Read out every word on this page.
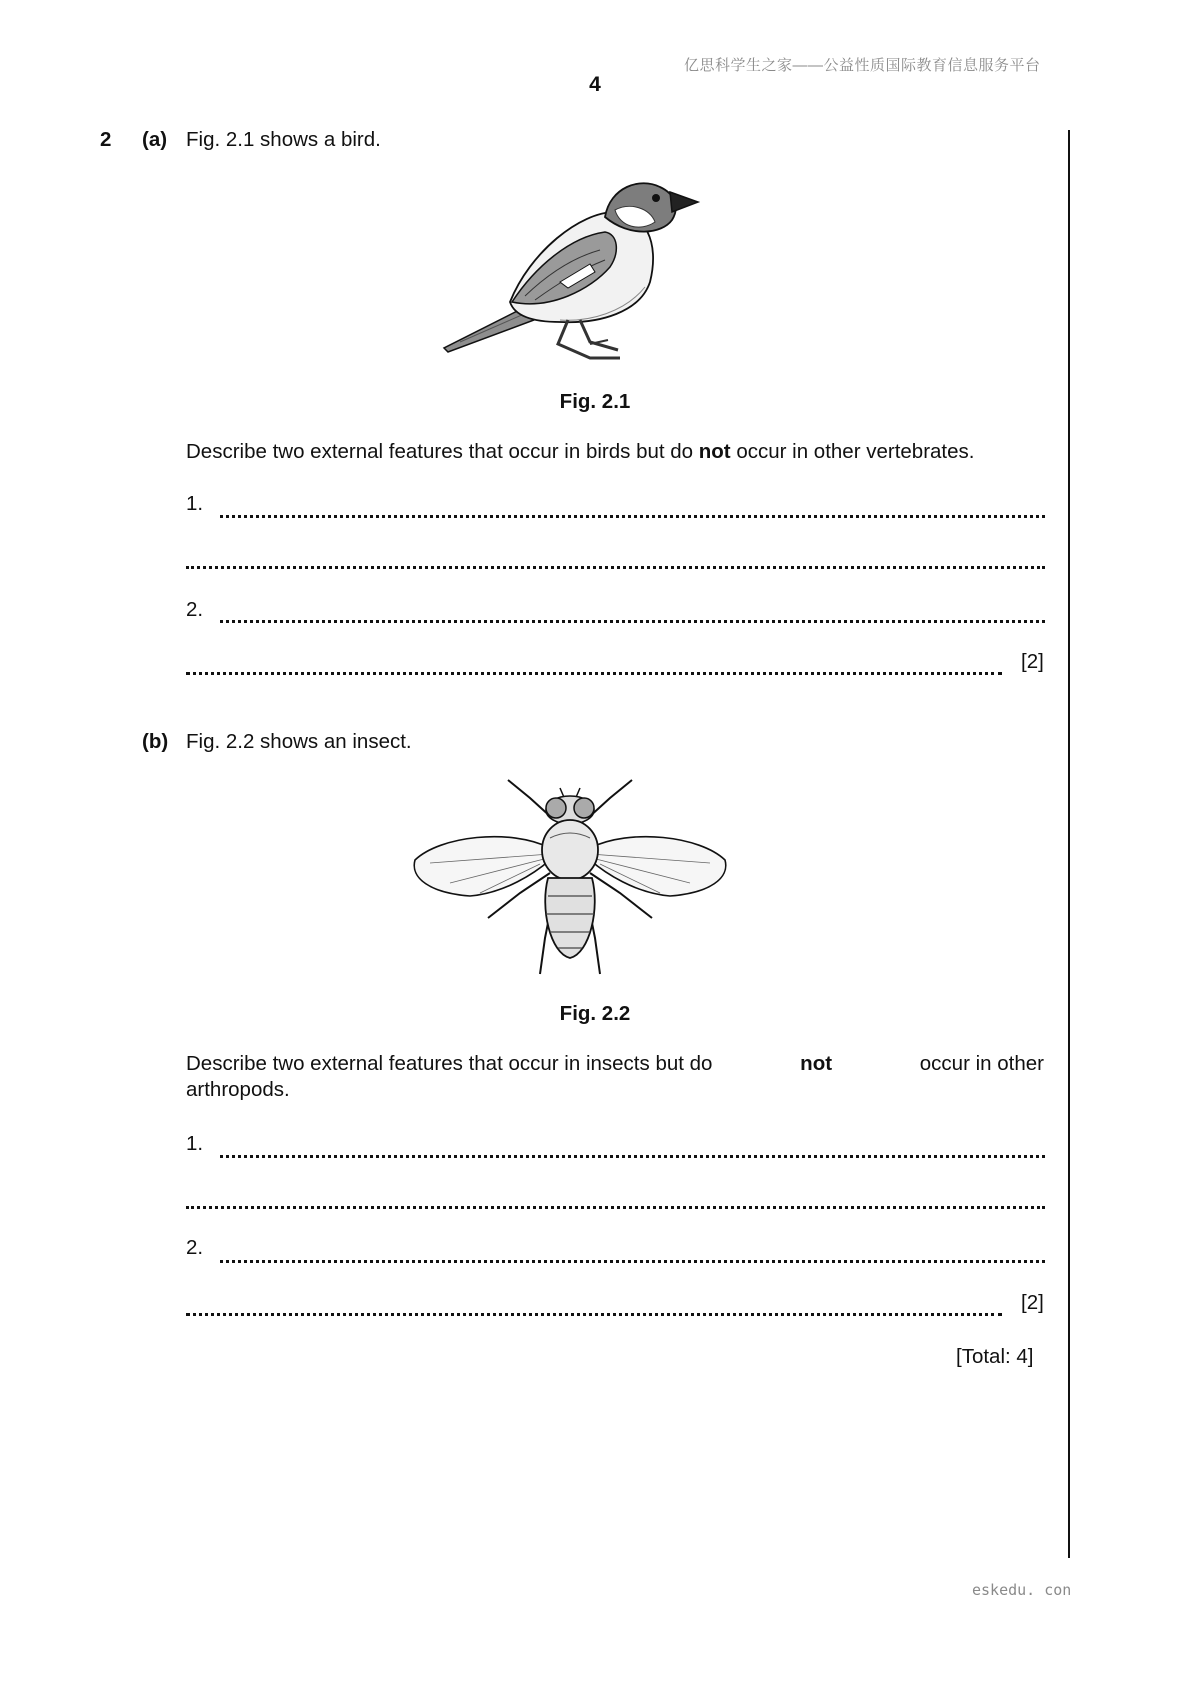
亿思科学生之家——公益性质国际教育信息服务平台
4
2 (a) Fig. 2.1 shows a bird.
Fig. 2.1
Describe two external features that occur in birds but do not occur in other vertebrates.
1.
2.
[2]
(b) Fig. 2.2 shows an insect.
Fig. 2.2
Describe two external features that occur in insects but do	not	occur in other
arthropods.
1.
2.
[2]
[Total: 4]
eskedu. con
